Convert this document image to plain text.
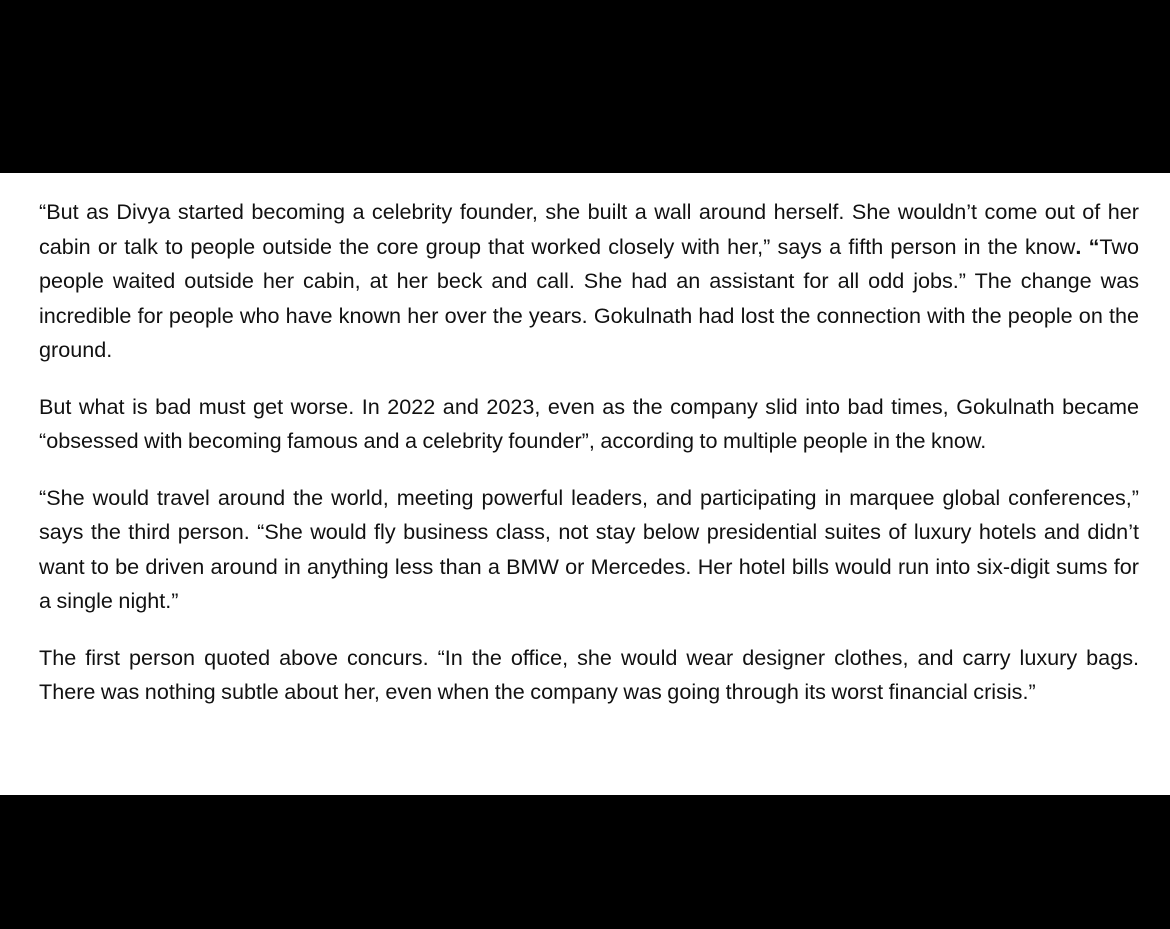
“But as Divya started becoming a celebrity founder, she built a wall around herself. She wouldn’t come out of her cabin or talk to people outside the core group that worked closely with her,” says a fifth person in the know. “Two people waited outside her cabin, at her beck and call. She had an assistant for all odd jobs.” The change was incredible for people who have known her over the years. Gokulnath had lost the connection with the people on the ground.

But what is bad must get worse. In 2022 and 2023, even as the company slid into bad times, Gokulnath became “obsessed with becoming famous and a celebrity founder”, according to multiple people in the know.

“She would travel around the world, meeting powerful leaders, and participating in marquee global conferences,” says the third person. “She would fly business class, not stay below presidential suites of luxury hotels and didn’t want to be driven around in anything less than a BMW or Mercedes. Her hotel bills would run into six-digit sums for a single night.”

The first person quoted above concurs. “In the office, she would wear designer clothes, and carry luxury bags. There was nothing subtle about her, even when the company was going through its worst financial crisis.”
